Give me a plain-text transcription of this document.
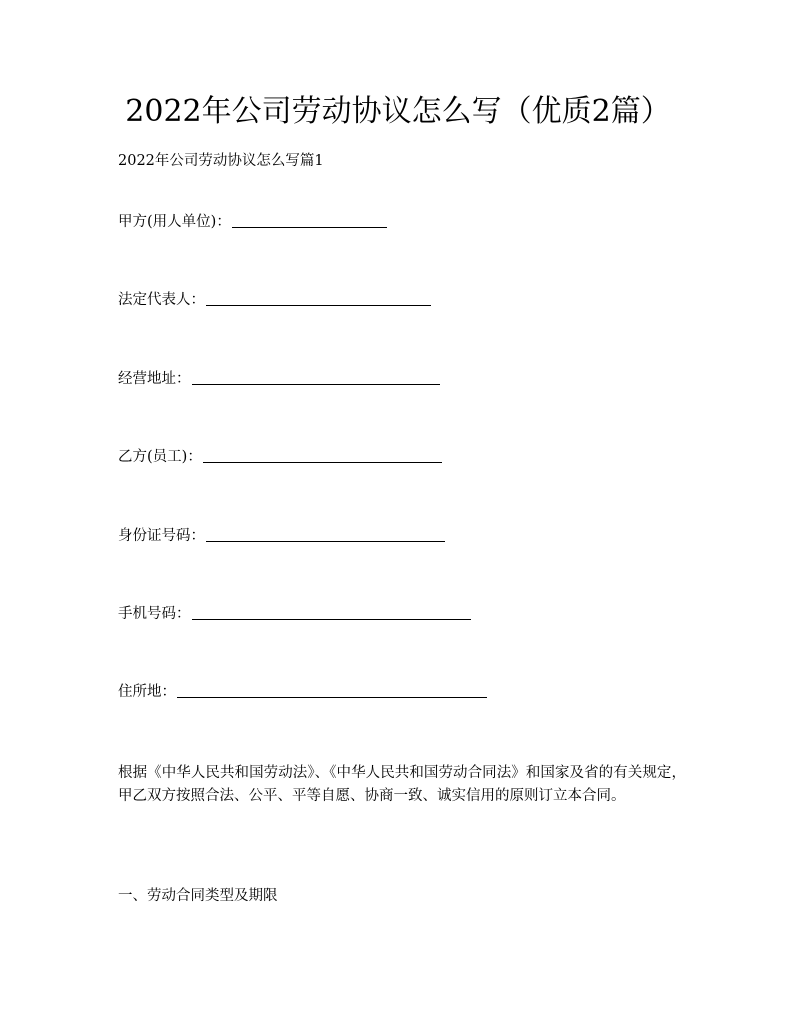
2022年公司劳动协议怎么写（优质2篇）
2022年公司劳动协议怎么写篇1
甲方(用人单位)：
法定代表人：
经营地址：
乙方(员工)：
身份证号码：
手机号码：
住所地：

根据《中华人民共和国劳动法》、《中华人民共和国劳动合同法》和国家及省的有关规定，甲乙双方按照合法、公平、平等自愿、协商一致、诚实信用的原则订立本合同。

一、劳动合同类型及期限
